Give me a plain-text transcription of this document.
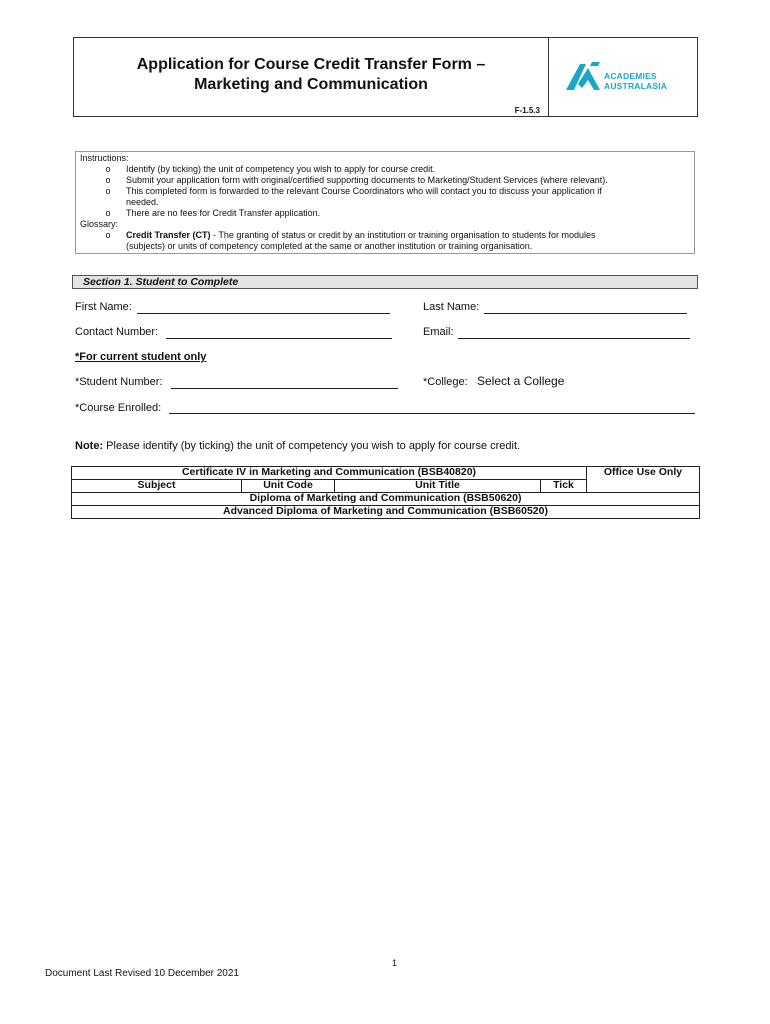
Application for Course Credit Transfer Form –
Marketing and Communication
F-1.5.3
ACADEMIES
AUSTRALASIA
Instructions:
o Identify (by ticking) the unit of competency you wish to apply for course credit.
o Submit your application form with original/certified supporting documents to Marketing/Student Services (where relevant).
o This completed form is forwarded to the relevant Course Coordinators who will contact you to discuss your application if
needed.
o There are no fees for Credit Transfer application.
Glossary:
o Credit Transfer (CT) - The granting of status or credit by an institution or training organisation to students for modules
(subjects) or units of competency completed at the same or another institution or training organisation.
Section 1. Student to Complete
First Name:	Last Name:
Contact Number:	Email:
*For current student only
*Student Number:	*College: Select a College
*Course Enrolled:
Note: Please identify (by ticking) the unit of competency you wish to apply for course credit.
Certificate IV in Marketing and Communication (BSB40820)				Office Use Only
Subject	Unit Code	Unit Title	Tick	
Diploma of Marketing and Communication (BSB50620)				
Advanced Diploma of Marketing and Communication (BSB60520)				
1
Document Last Revised 10 December 2021
